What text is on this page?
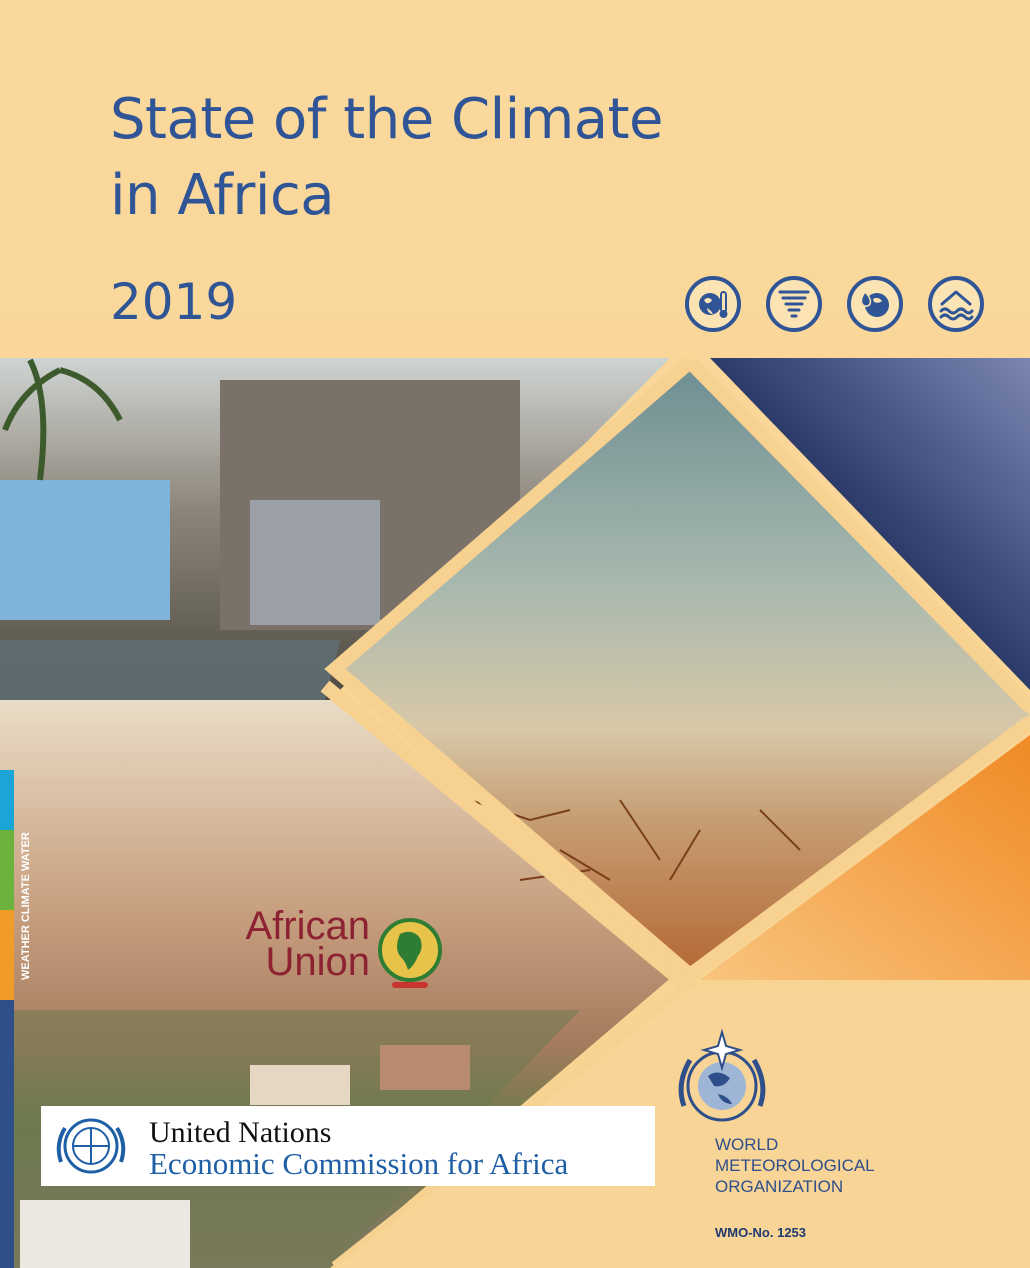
State of the Climate
in Africa
2019
WEATHER CLIMATE WATER	African
Union
United Nations
Economic Commission for Africa
WORLD
METEOROLOGICAL
ORGANIZATION
WMO-No. 1253
